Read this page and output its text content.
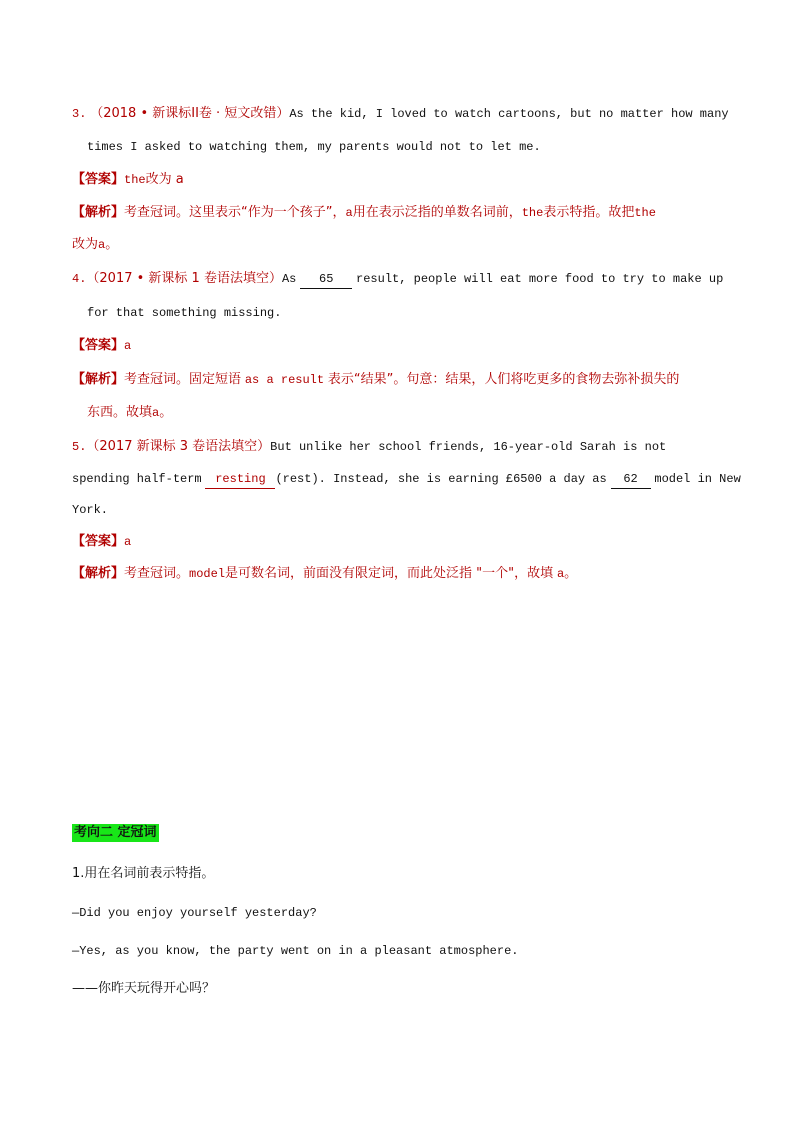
3. （2018 • 新课标II卷 · 短文改错）As the kid, I loved to watch cartoons, but no matter how many
times I asked to watching them, my parents would not to let me.
【答案】the改为 a
【解析】考查冠词。这里表示“作为一个孩子”，a用在表示泛指的单数名词前，the表示特指。故把the
改为a。
4.（2017 • 新课标 1 卷语法填空）As 65 result, people will eat more food to try to make up
for that something missing.
【答案】a
【解析】考查冠词。固定短语 as a result 表示“结果”。句意：结果，人们将吃更多的食物去弥补损失的
东西。故填a。
5.（2017 新课标 3 卷语法填空）But unlike her school friends, 16-year-old Sarah is not
spending half-term resting (rest). Instead, she is earning £6500 a day as 62 model in New
York.
【答案】a
【解析】考查冠词。model是可数名词，前面没有限定词，而此处泛指 "一个"，故填 a。
考向二 定冠词
1.用在名词前表示特指。
—Did you enjoy yourself yesterday?
—Yes, as you know, the party went on in a pleasant atmosphere.
——你昨天玩得开心吗？
